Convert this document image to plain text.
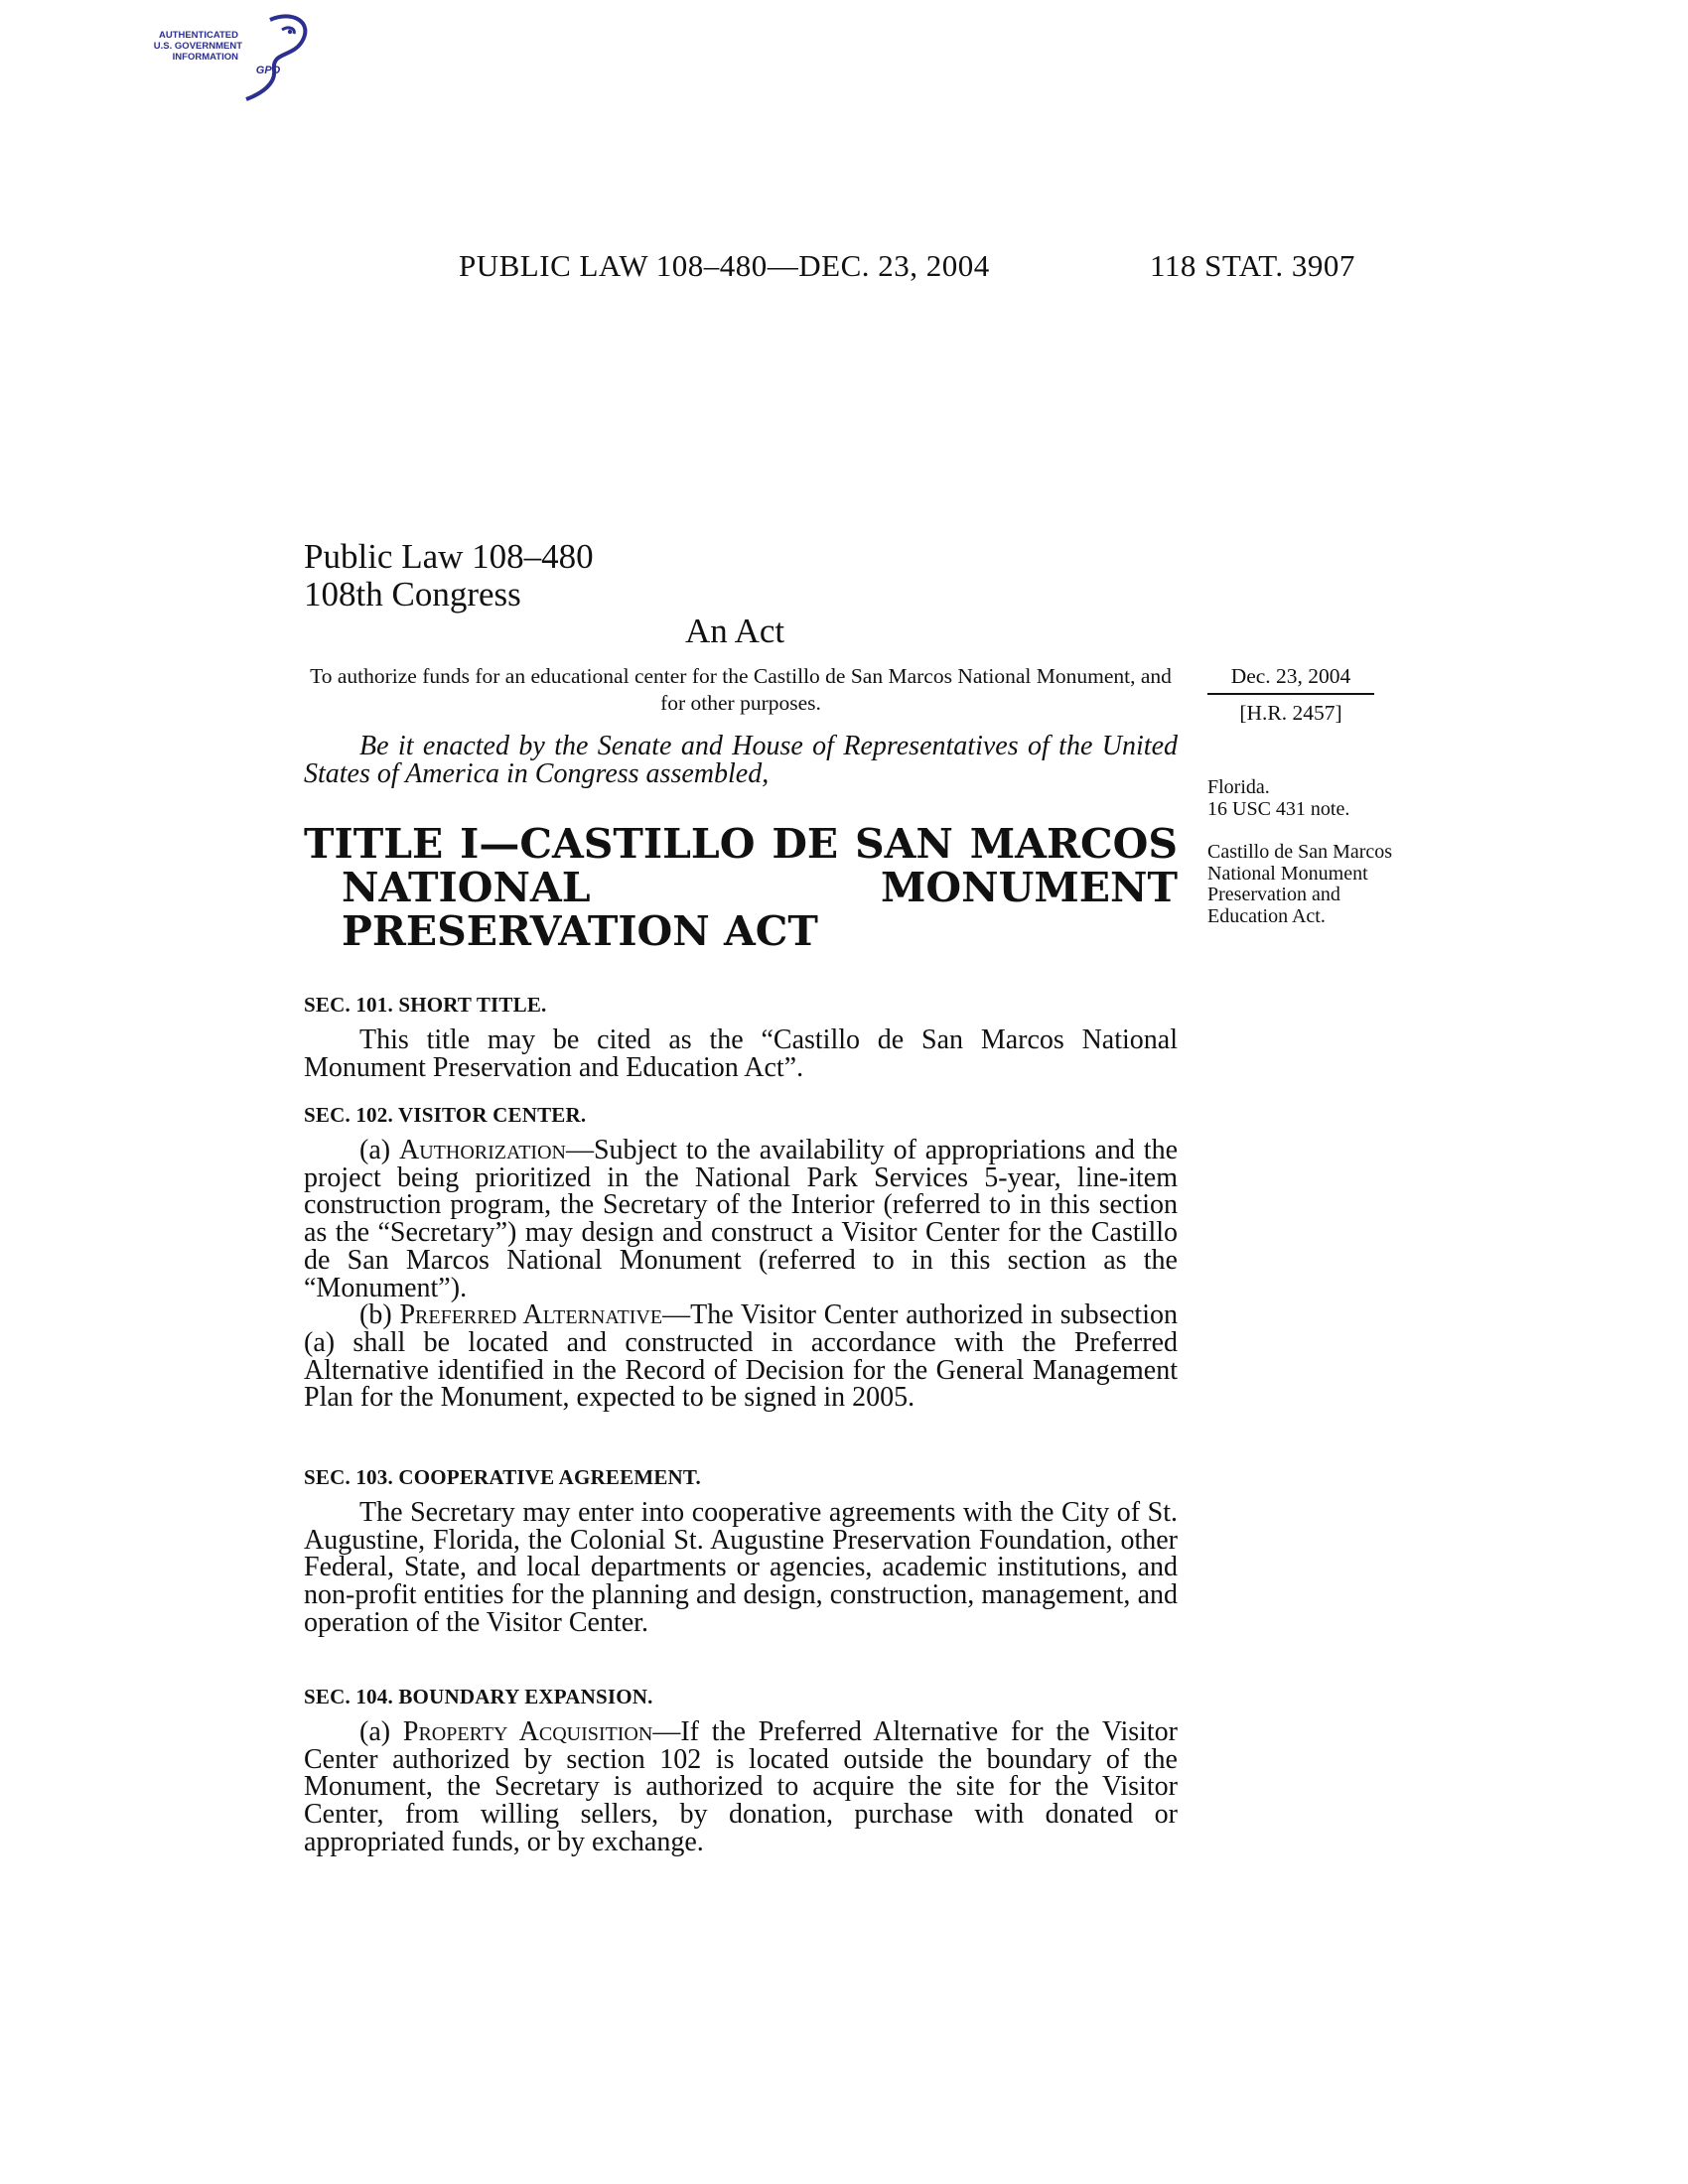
AUTHENTICATED
U.S. GOVERNMENT
INFORMATION
GPO
PUBLIC LAW 108–480—DEC. 23, 2004	118 STAT. 3907
Public Law 108–480
108th Congress
An Act
To authorize funds for an educational center for the Castillo de San Marcos National Monument, and for other purposes.
Dec. 23, 2004
[H.R. 2457]

Be it enacted by the Senate and House of Representatives of the United States of America in Congress assembled,	Florida.
16 USC 431 note.
TITLE I—CASTILLO DE SAN MARCOS NATIONAL MONUMENT PRESERVATION ACT
Castillo de San Marcos National Monument Preservation and Education Act.
SEC. 101. SHORT TITLE.

This title may be cited as the “Castillo de San Marcos National Monument Preservation and Education Act”.

SEC. 102. VISITOR CENTER.

(a) Authorization—Subject to the availability of appropriations and the project being prioritized in the National Park Services 5-year, line-item construction program, the Secretary of the Interior (referred to in this section as the “Secretary”) may design and construct a Visitor Center for the Castillo de San Marcos National Monument (referred to in this section as the “Monument”).

(b) Preferred Alternative—The Visitor Center authorized in subsection (a) shall be located and constructed in accordance with the Preferred Alternative identified in the Record of Decision for the General Management Plan for the Monument, expected to be signed in 2005.

SEC. 103. COOPERATIVE AGREEMENT.

The Secretary may enter into cooperative agreements with the City of St. Augustine, Florida, the Colonial St. Augustine Preservation Foundation, other Federal, State, and local departments or agencies, academic institutions, and non-profit entities for the planning and design, construction, management, and operation of the Visitor Center.

SEC. 104. BOUNDARY EXPANSION.

(a) Property Acquisition—If the Preferred Alternative for the Visitor Center authorized by section 102 is located outside the boundary of the Monument, the Secretary is authorized to acquire the site for the Visitor Center, from willing sellers, by donation, purchase with donated or appropriated funds, or by exchange.
